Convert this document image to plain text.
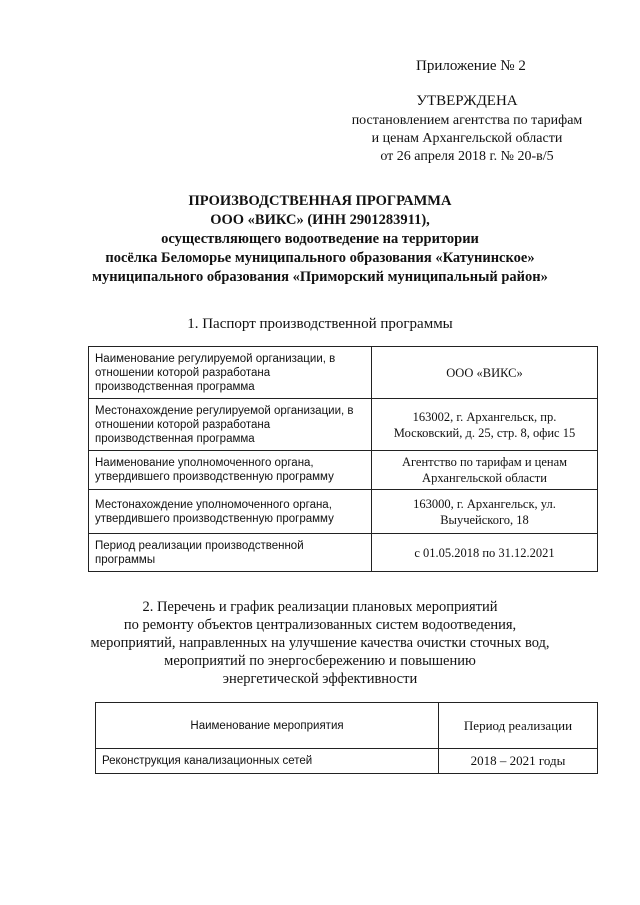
Приложение № 2
УТВЕРЖДЕНА
постановлением агентства по тарифам
и ценам Архангельской области
от 26 апреля 2018 г. № 20-в/5
ПРОИЗВОДСТВЕННАЯ ПРОГРАММА
ООО «ВИКС» (ИНН 2901283911),
осуществляющего водоотведение на территории
посёлка Беломорье муниципального образования «Катунинское»
муниципального образования «Приморский муниципальный район»
1. Паспорт производственной программы
Наименование регулируемой организации, в отношении которой разработана производственная программа	ООО «ВИКС»
Местонахождение регулируемой организации, в отношении которой разработана производственная программа	163002, г. Архангельск, пр. Московский, д. 25, стр. 8, офис 15
Наименование уполномоченного органа, утвердившего производственную программу	Агентство по тарифам и ценам Архангельской области
Местонахождение уполномоченного органа, утвердившего производственную программу	163000, г. Архангельск, ул. Выучейского, 18
Период реализации производственной программы	с 01.05.2018 по 31.12.2021
2. Перечень и график реализации плановых мероприятий
по ремонту объектов централизованных систем водоотведения,
мероприятий, направленных на улучшение качества очистки сточных вод,
мероприятий по энергосбережению и повышению
энергетической эффективности
Наименование мероприятия	Период реализации
Реконструкция канализационных сетей	2018 – 2021 годы
